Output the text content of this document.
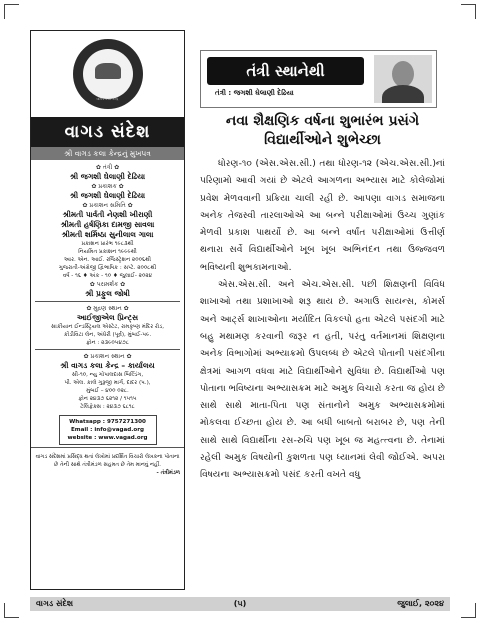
વાગડ કલા કેન્દ્ર
વાગડ સંદેશ
શ્રી વાગડ કલા કેન્દ્રનું મુખપત્ર
✿ તંત્રી ✿
શ્રી જગશી ઘેલાણી દેઢિયા
✿ પ્રકાશક ✿
શ્રી જગશી ઘેલાણી દેઢિયા
✿ પ્રકાશન સમિતિ ✿
શ્રીમતી પાર્વતી નેણશી ખીરાણી
શ્રીમતી હર્ષણિકા દામજી સાવલા
શ્રીમતી શર્મિષ્ઠા સુનીલાલ ગાલા
પ્રકાશન પ્રારંભ ૧૯૮૩થી
નિયમિત પ્રકાશન ૧૯૯૯થી
આર. એન. આઈ. રજિસ્ટ્રેશન ૨૦૦૬થી
ગુજરાતી-અંગ્રેજી દ્વિભાષિક : સપ્ટે. ૨૦૦૮થી
વર્ષ - ૧૬ ♦ અંક - ૧૦ ♦ જુલાઈ- ૨૦૨૪
✿ પરામર્શક ✿
શ્રી પ્રફુલ જોષી
✿ મુદ્રણ સ્થાન ✿
આઈજીએલ પ્રિન્ટ્સ
સાકીયાન ઈન્ડસ્ટ્રિયલ એસ્ટેટ, રામકૃષ્ણ મંદિર રોડ,
કોંડીવિટા લેન, અંધેરી (પૂર્વ), મુંબઈ-૫૯.
ફોન : ૨૩૯૦૫૪૭૮
✿ પ્રકાશન સ્થાન ✿
શ્રી વાગડ કલા કેન્દ્ર – કાર્યાલય
સી-૧૦, ન્યુ ગોપાલદાસ બિલ્ડિંગ,
પી. એલ. કાલે ગુરૂજી માર્ગ, દાદર (પ.),
મુંબઈ – ૪૦૦ ૦૨૮.
ફોન ૨૪૩૭ ૬૨૧૨ / ૧૫૧૫
ટેલિફેક્સ : ૨૪૩૭ ૬૮૧૮
Whatsapp : 9757271300
Email : info@vagad.org
website : www.vagad.org
વાગડ સંદેશમાં પ્રસિદ્ધ થતાં લેખોમાં પ્રદર્શિત વિચારો લેખકના પોતાના છે તેની સાથે તંત્રીમંડળ સહમત છે તેમ માનવું નહીં.
- તંત્રીમંડળ
તંત્રી સ્થાનેથી
તંત્રી : જગશી ઘેલાણી દેઢિયા
નવા શૈક્ષણિક વર્ષના શુભારંભ પ્રસંગે
વિદ્યાર્થીઓને શુભેચ્છા

ધોરણ-૧૦ (એસ.એસ.સી.) તથા ધોરણ-૧૨ (એચ.એસ.સી.)નાં પરિણામો આવી ગયાં છે એટલે આગળના અભ્યાસ માટે કોલેજોમાં પ્રવેશ મેળવવાની પ્રક્રિયા ચાલી રહી છે. આપણા વાગડ સમાજના અનેક તેજસ્વી તારલાઓએ આ બન્ને પરીક્ષાઓમાં ઉચ્ચ ગુણાંક મેળવી પ્રકાશ પાથર્યો છે. આ બન્ને વર્ષાંત પરીક્ષાઓમાં ઉત્તીર્ણ થનારા સર્વે વિદ્યાર્થીઓને ખૂબ ખૂબ અભિનંદન તથા ઉજ્જવળ ભવિષ્યની શુભકામનાઓ.

એસ.એસ.સી. અને એચ.એસ.સી. પછી શિક્ષણની વિવિધ શાખાઓ તથા પ્રશાખાઓ શરૂ થાય છે. અગાઉ સાયન્સ, કોમર્સ અને આર્ટ્સ શાખાઓના મર્યાદિત વિકલ્પો હતા એટલે પસંદગી માટે બહુ મથામણ કરવાની જરૂર ન હતી, પરંતુ વર્તમાનમાં શિક્ષણના અનેક વિભાગોમાં અભ્યાક્રમો ઉપલબ્ધ છે એટલે પોતાની પસંદગીના ક્ષેત્રમાં આગળ વધવા માટે વિદ્યાર્થીઓને સુવિધા છે. વિદ્યાર્થીઓ પણ પોતાના ભવિષ્યના અભ્યાસક્રમ માટે અમુક વિચારો કરતા જ હોય છે સાથે સાથે માતા-પિતા પણ સંતાનોને અમુક અભ્યાસક્રમોમાં મોકલવા ઈચ્છતા હોય છે. આ બધી બાબતો બરાબર છે, પણ તેની સાથે સાથે વિદ્યાર્થીના રસ-રુચિ પણ ખૂબ જ મહત્ત્વના છે. તેનામાં રહેલી અમુક વિષયોની કુશળતા પણ ધ્યાનમાં લેવી જોઈએ. અપરા વિષયના અભ્યાસક્રમો પસંદ કરતી વખતે વધુ

વાગડ સંદેશ	(૫)	જુલાઈ, ૨૦૨૪
